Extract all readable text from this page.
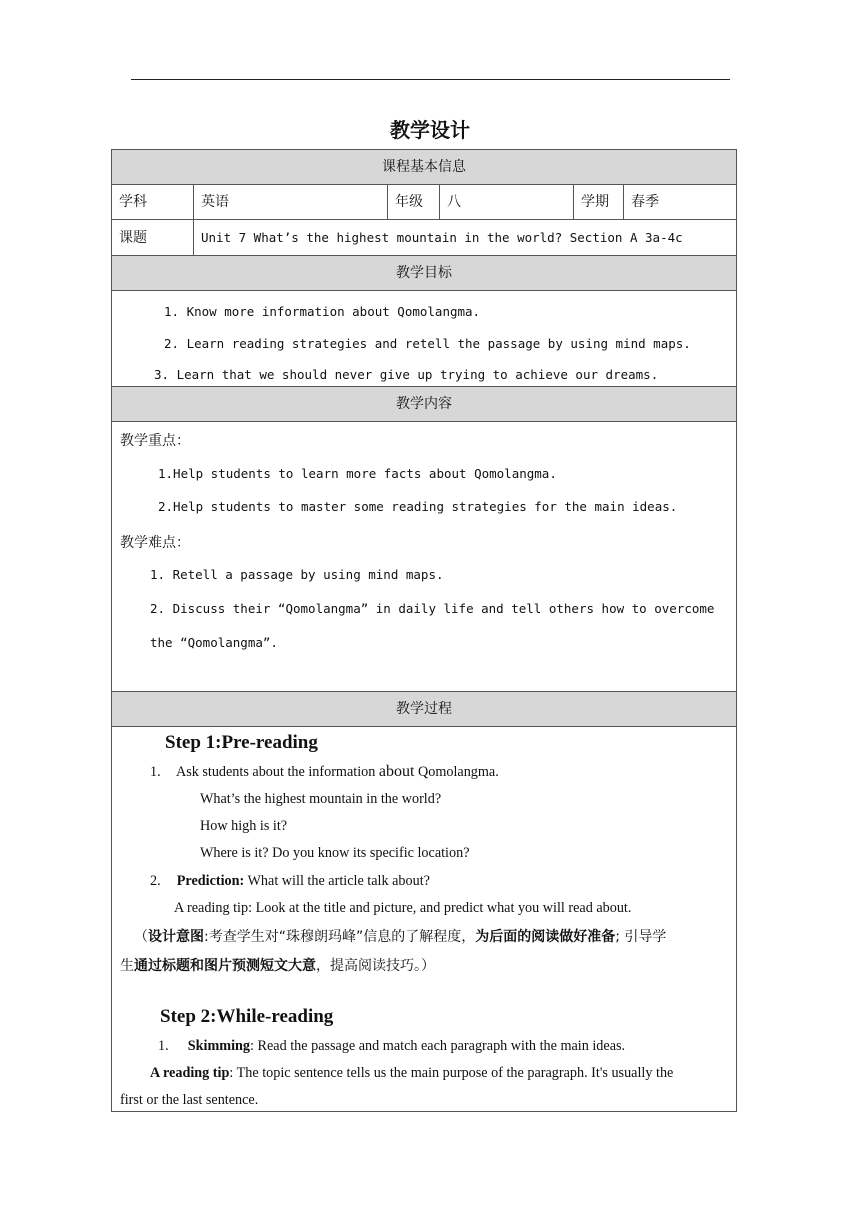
教学设计
课程基本信息
学科	英语	年级	八	学期	春季
课题	Unit 7 What’s the highest mountain in the world? Section A 3a-4c
教学目标
1. Know more information about Qomolangma.
2. Learn reading strategies and retell the passage by using mind maps.
3. Learn that we should never give up trying to achieve our dreams.
教学内容
教学重点：
1.Help students to learn more facts about Qomolangma.
2.Help students to master some reading strategies for the main ideas.
教学难点：
1. Retell a passage by using mind maps.
2. Discuss their “Qomolangma” in daily life and tell others how to overcome
the “Qomolangma”.
教学过程
Step 1:Pre-reading
1. Ask students about the information about Qomolangma.
What’s the highest mountain in the world?
How high is it?
Where is it? Do you know its specific location?
2. Prediction: What will the article talk about?
A reading tip: Look at the title and picture, and predict what you will read about.
（设计意图:考查学生对“珠穆朗玛峰”信息的了解程度，为后面的阅读做好准备; 引导学
生通过标题和图片预测短文大意，提高阅读技巧。）
Step 2:While-reading
1. Skimming: Read the passage and match each paragraph with the main ideas.
A reading tip: The topic sentence tells us the main purpose of the paragraph. It's usually the
first or the last sentence.
